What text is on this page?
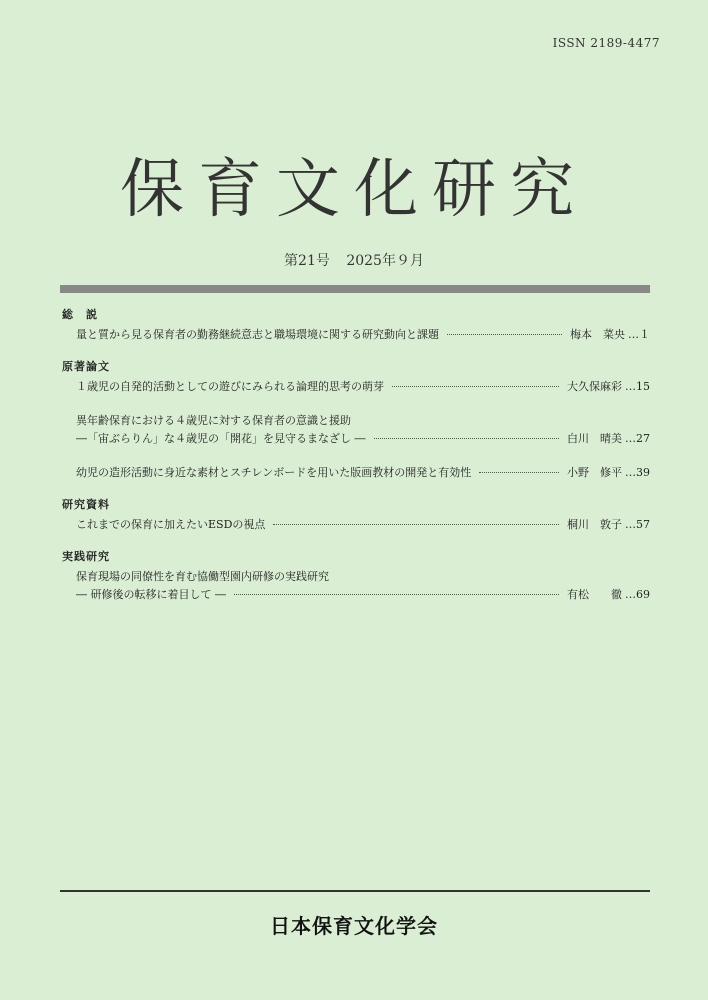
ISSN 2189-4477
保育文化研究
第21号 2025年９月
総　説
量と質から見る保育者の勤務継続意志と職場環境に関する研究動向と課題	梅本　菜央 …１
原著論文
１歳児の自発的活動としての遊びにみられる論理的思考の萌芽	大久保麻彩 …15
異年齢保育における４歳児に対する保育者の意識と援助
―「宙ぶらりん」な４歳児の「開花」を見守るまなざし ―	白川　晴美 …27
幼児の造形活動に身近な素材とスチレンボードを用いた版画教材の開発と有効性	小野　修平 …39
研究資料
これまでの保育に加えたいESDの視点	桐川　敦子 …57
実践研究
保育現場の同僚性を育む協働型園内研修の実践研究
― 研修後の転移に着目して ―	有松　　徹 …69
日本保育文化学会
